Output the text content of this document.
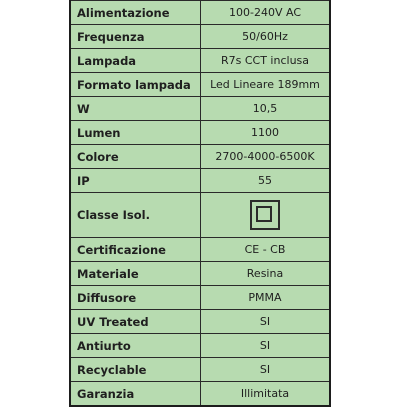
Alimentazione	100-240V AC
Frequenza	50/60Hz
Lampada	R7s CCT inclusa
Formato lampada	Led Lineare 189mm
W	10,5
Lumen	1100
Colore	2700-4000-6500K
IP	55
Classe Isol.	
Certificazione	CE - CB
Materiale	Resina
Diffusore	PMMA
UV Treated	SI
Antiurto	SI
Recyclable	SI
Garanzia	Illimitata
